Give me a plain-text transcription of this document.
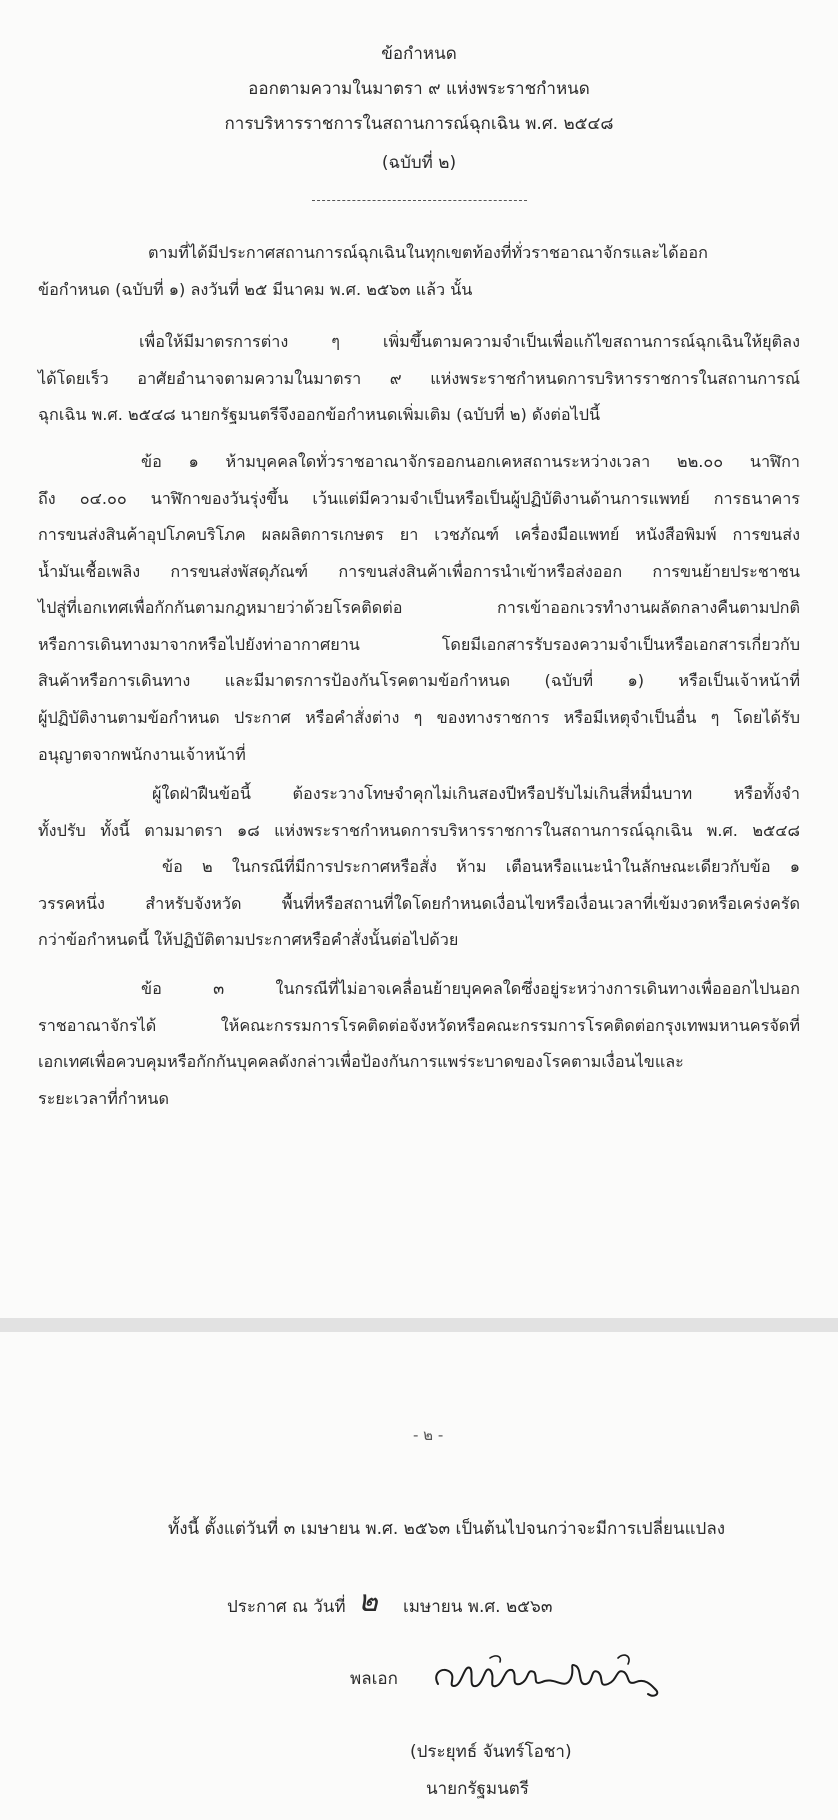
ข้อกำหนด
ออกตามความในมาตรา ๙ แห่งพระราชกำหนด
การบริหารราชการในสถานการณ์ฉุกเฉิน พ.ศ. ๒๕๔๘
(ฉบับที่ ๒)
ตามที่ได้มีประกาศสถานการณ์ฉุกเฉินในทุกเขตท้องที่ทั่วราชอาณาจักรและได้ออก
ข้อกำหนด (ฉบับที่ ๑) ลงวันที่ ๒๕ มีนาคม พ.ศ. ๒๕๖๓ แล้ว นั้น
เพื่อให้มีมาตรการต่าง ๆ เพิ่มขึ้นตามความจำเป็นเพื่อแก้ไขสถานการณ์ฉุกเฉินให้ยุติลง
ได้โดยเร็ว อาศัยอำนาจตามความในมาตรา ๙ แห่งพระราชกำหนดการบริหารราชการในสถานการณ์
ฉุกเฉิน พ.ศ. ๒๕๔๘ นายกรัฐมนตรีจึงออกข้อกำหนดเพิ่มเติม (ฉบับที่ ๒) ดังต่อไปนี้
ข้อ ๑ ห้ามบุคคลใดทั่วราชอาณาจักรออกนอกเคหสถานระหว่างเวลา ๒๒.๐๐ นาฬิกา
ถึง ๐๔.๐๐ นาฬิกาของวันรุ่งขึ้น เว้นแต่มีความจำเป็นหรือเป็นผู้ปฏิบัติงานด้านการแพทย์ การธนาคาร
การขนส่งสินค้าอุปโภคบริโภค ผลผลิตการเกษตร ยา เวชภัณฑ์ เครื่องมือแพทย์ หนังสือพิมพ์ การขนส่ง
น้ำมันเชื้อเพลิง การขนส่งพัสดุภัณฑ์ การขนส่งสินค้าเพื่อการนำเข้าหรือส่งออก การขนย้ายประชาชน
ไปสู่ที่เอกเทศเพื่อกักกันตามกฎหมายว่าด้วยโรคติดต่อ การเข้าออกเวรทำงานผลัดกลางคืนตามปกติ
หรือการเดินทางมาจากหรือไปยังท่าอากาศยาน โดยมีเอกสารรับรองความจำเป็นหรือเอกสารเกี่ยวกับ
สินค้าหรือการเดินทาง และมีมาตรการป้องกันโรคตามข้อกำหนด (ฉบับที่ ๑) หรือเป็นเจ้าหน้าที่
ผู้ปฏิบัติงานตามข้อกำหนด ประกาศ หรือคำสั่งต่าง ๆ ของทางราชการ หรือมีเหตุจำเป็นอื่น ๆ โดยได้รับ
อนุญาตจากพนักงานเจ้าหน้าที่
ผู้ใดฝ่าฝืนข้อนี้ ต้องระวางโทษจำคุกไม่เกินสองปีหรือปรับไม่เกินสี่หมื่นบาท หรือทั้งจำ
ทั้งปรับ ทั้งนี้ ตามมาตรา ๑๘ แห่งพระราชกำหนดการบริหารราชการในสถานการณ์ฉุกเฉิน พ.ศ. ๒๕๔๘
ข้อ ๒ ในกรณีที่มีการประกาศหรือสั่ง ห้าม เตือนหรือแนะนำในลักษณะเดียวกับข้อ ๑
วรรคหนึ่ง สำหรับจังหวัด พื้นที่หรือสถานที่ใดโดยกำหนดเงื่อนไขหรือเงื่อนเวลาที่เข้มงวดหรือเคร่งครัด
กว่าข้อกำหนดนี้ ให้ปฏิบัติตามประกาศหรือคำสั่งนั้นต่อไปด้วย
ข้อ ๓ ในกรณีที่ไม่อาจเคลื่อนย้ายบุคคลใดซึ่งอยู่ระหว่างการเดินทางเพื่อออกไปนอก
ราชอาณาจักรได้ ให้คณะกรรมการโรคติดต่อจังหวัดหรือคณะกรรมการโรคติดต่อกรุงเทพมหานครจัดที่
เอกเทศเพื่อควบคุมหรือกักกันบุคคลดังกล่าวเพื่อป้องกันการแพร่ระบาดของโรคตามเงื่อนไขและ
ระยะเวลาที่กำหนด
- ๒ -
ทั้งนี้ ตั้งแต่วันที่ ๓ เมษายน พ.ศ. ๒๕๖๓ เป็นต้นไปจนกว่าจะมีการเปลี่ยนแปลง
ประกาศ ณ วันที่ ๒ เมษายน พ.ศ. ๒๕๖๓
พลเอก
(ประยุทธ์ จันทร์โอชา)
นายกรัฐมนตรี
